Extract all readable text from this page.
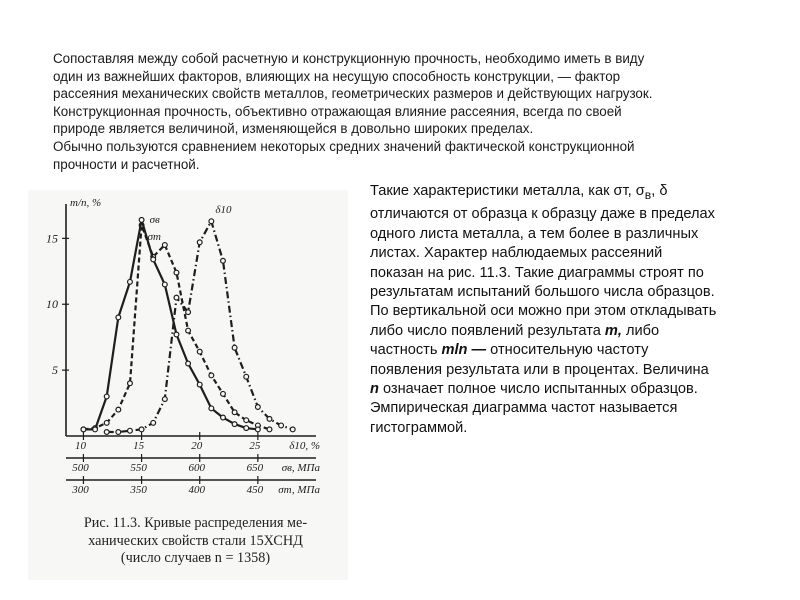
Сопоставляя между собой расчетную и конструкционную прочность, необходимо иметь в виду
один из важнейших факторов, влияющих на несущую способность конструкции, — фактор
рассеяния механических свойств металлов, геометрических размеров и действующих нагрузок.
Конструкционная прочность, объективно отражающая влияние рассеяния, всегда по своей
природе является величиной, изменяющейся в довольно широких пределах.
Обычно пользуются сравнением некоторых средних значений фактической конструкционной
прочности и расчетной.
Такие характеристики металла, как σт, $\sigma_в$, δ
отличаются от образца к образцу даже в пределах
одного листа металла, а тем более в различных
листах. Характер наблюдаемых рассеяний
показан на рис. 11.3. Такие диаграммы строят по
результатам испытаний большого числа образцов.
По вертикальной оси можно при этом откладывать
либо число появлений результата m, либо
частность mln — относительную частоту
появления результата или в процентах. Величина
n означает полное число испытанных образцов.
Эмпирическая диаграмма частот называется
гистограммой.
m/n, %
5
10
15
10	15	20	25	δ10, %
500	550	600	650 σв, МПа
300	350	400	450 σт, МПа
σв
σт
δ10
Рис. 11.3. Кривые распределения ме-
ханических свойств стали 15ХСНД
(число случаев n = 1358)
